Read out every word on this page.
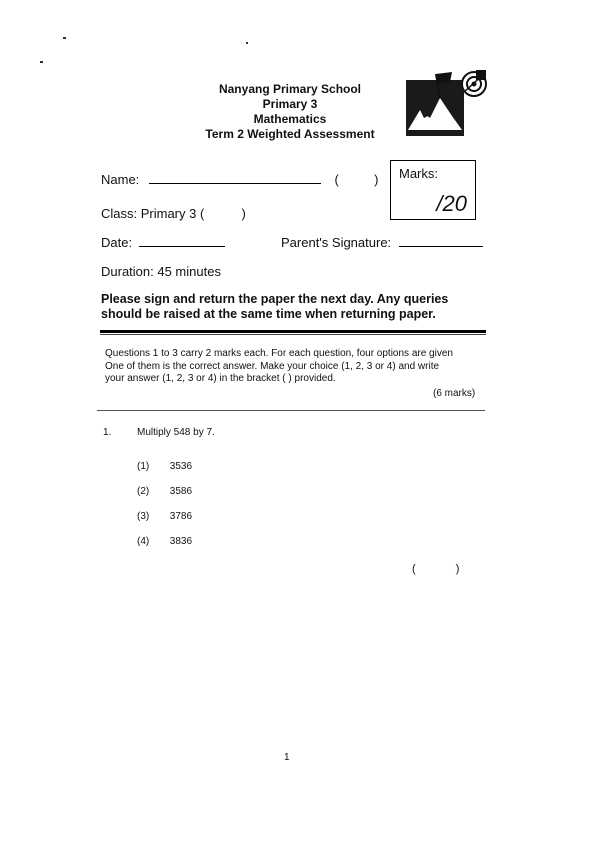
Nanyang Primary School
Primary 3
Mathematics
Term 2 Weighted Assessment
Name:	(	) Marks:
/20
Class: Primary 3 (	)
Date:	Parent's Signature:
Duration: 45 minutes
Please sign and return the paper the next day. Any queries
should be raised at the same time when returning paper.
Questions 1 to 3 carry 2 marks each. For each question, four options are given
One of them is the correct answer. Make your choice (1, 2, 3 or 4) and write
your answer (1, 2, 3 or 4) in the bracket ( ) provided.
(6 marks)
1.	Multiply 548 by 7.
(1) 3536
(2) 3586
(3) 3786
(4) 3836
(	)
1
